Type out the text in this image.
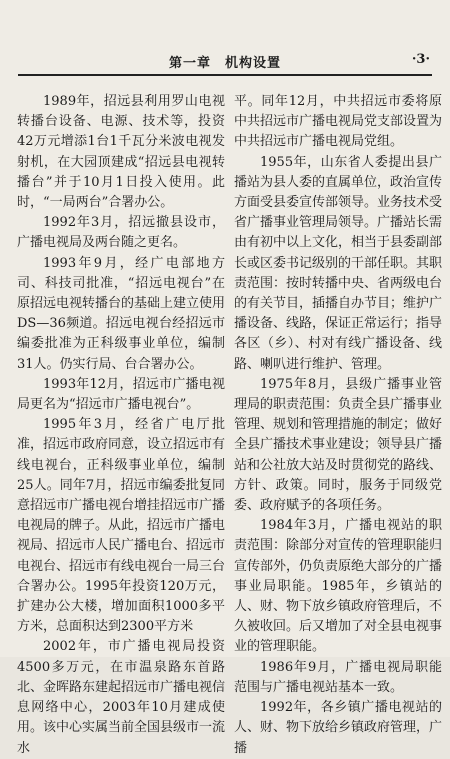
第一章　机构设置	·3·

1989年，招远县利用罗山电视转播台设备、电源、技术等，投资42万元增添1台1千瓦分米波电视发射机，在大园顶建成“招远县电视转播台”并于10月1日投入使用。此时，“一局两台”合署办公。

1992年3月，招远撤县设市，广播电视局及两台随之更名。

1993年9月，经广电部地方司、科技司批准，“招远电视台”在原招远电视转播台的基础上建立使用DS—36频道。招远电视台经招远市编委批准为正科级事业单位，编制31人。仍实行局、台合署办公。

1993年12月，招远市广播电视局更名为“招远市广播电视台”。

1995年3月，经省广电厅批准，招远市政府同意，设立招远市有线电视台，正科级事业单位，编制25人。同年7月，招远市编委批复同意招远市广播电视台增挂招远市广播电视局的牌子。从此，招远市广播电视局、招远市人民广播电台、招远市电视台、招远市有线电视台一局三台合署办公。1995年投资120万元，扩建办公大楼，增加面积1000多平方米，总面积达到2300平方米

2002年，市广播电视局投资4500多万元，在市温泉路东首路北、金晖路东建起招远市广播电视信息网络中心，2003年10月建成使用。该中心实属当前全国县级市一流水

平。同年12月，中共招远市委将原中共招远市广播电视局党支部设置为中共招远市广播电视局党组。

1955年，山东省人委提出县广播站为县人委的直属单位，政治宣传方面受县委宣传部领导。业务技术受省广播事业管理局领导。广播站长需由有初中以上文化，相当于县委副部长或区委书记级别的干部任职。其职责范围：按时转播中央、省两级电台的有关节目，插播自办节目；维护广播设备、线路，保证正常运行；指导各区（乡）、村对有线广播设备、线路、喇叭进行维护、管理。

1975年8月，县级广播事业管理局的职责范围：负责全县广播事业管理、规划和管理措施的制定；做好全县广播技术事业建设；领导县广播站和公社放大站及时贯彻党的路线、方针、政策。同时，服务于同级党委、政府赋予的各项任务。

1984年3月，广播电视站的职责范围：除部分对宣传的管理职能归宣传部外，仍负责原绝大部分的广播事业局职能。1985年，乡镇站的人、财、物下放乡镇政府管理后，不久被收回。后又增加了对全县电视事业的管理职能。

1986年9月，广播电视局职能范围与广播电视站基本一致。

1992年，各乡镇广播电视站的人、财、物下放给乡镇政府管理，广播
